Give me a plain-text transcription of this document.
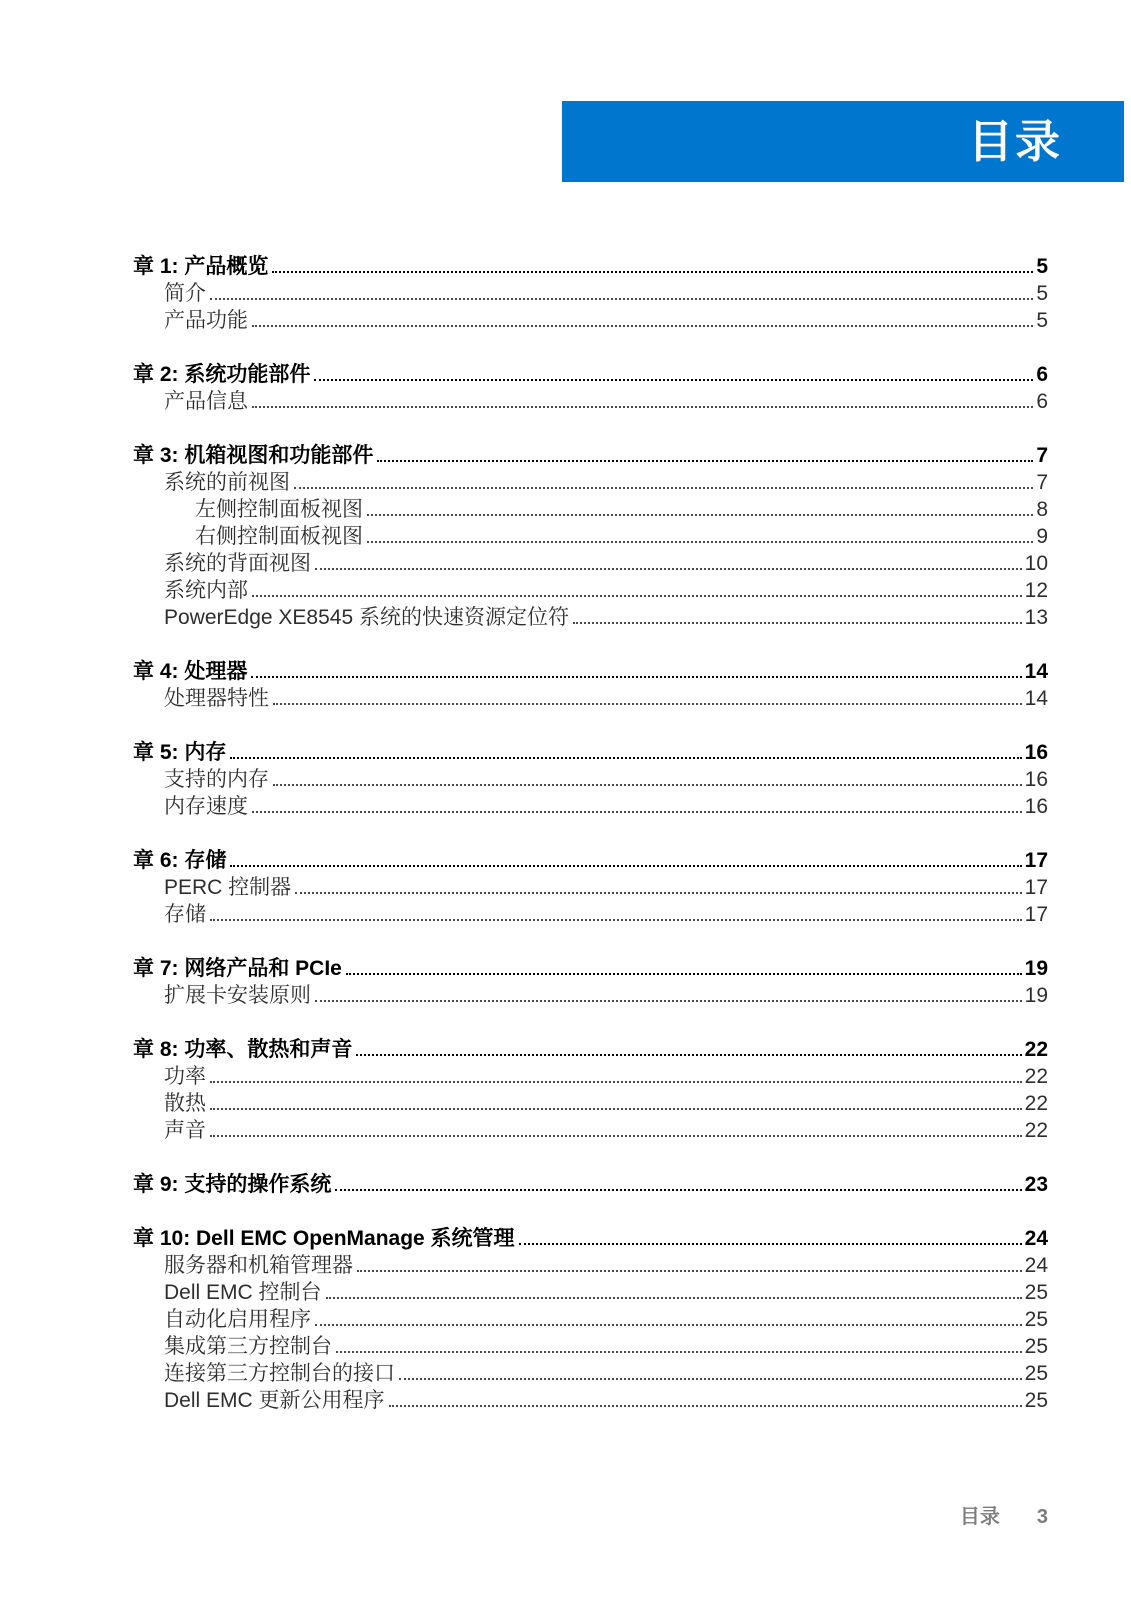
目录
章 1: 产品概览	5
简介	5
产品功能	5
章 2: 系统功能部件	6
产品信息	6
章 3: 机箱视图和功能部件	7
系统的前视图	7
左侧控制面板视图	8
右侧控制面板视图	9
系统的背面视图	10
系统内部	12
PowerEdge XE8545 系统的快速资源定位符	13
章 4: 处理器	14
处理器特性	14
章 5: 内存	16
支持的内存	16
内存速度	16
章 6: 存储	17
PERC 控制器	17
存储	17
章 7: 网络产品和 PCIe	19
扩展卡安装原则	19
章 8: 功率、散热和声音	22
功率	22
散热	22
声音	22
章 9: 支持的操作系统	23
章 10: Dell EMC OpenManage 系统管理	24
服务器和机箱管理器	24
Dell EMC 控制台	25
自动化启用程序	25
集成第三方控制台	25
连接第三方控制台的接口	25
Dell EMC 更新公用程序	25
目录 3
